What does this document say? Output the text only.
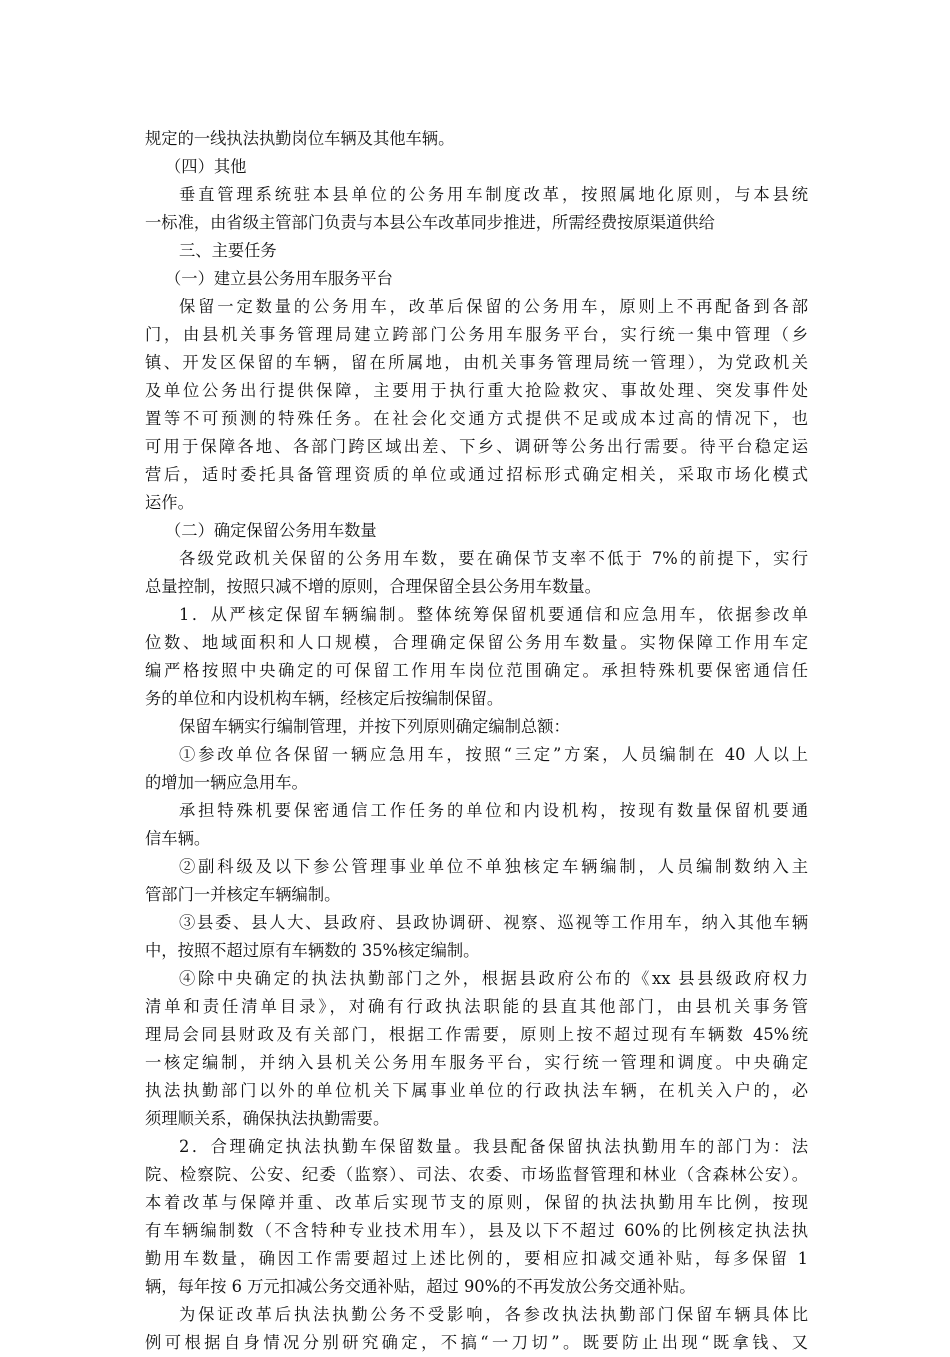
规定的一线执法执勤岗位车辆及其他车辆。
（四）其他
垂直管理系统驻本县单位的公务用车制度改革，按照属地化原则，与本县统
一标准，由省级主管部门负责与本县公车改革同步推进，所需经费按原渠道供给
三、主要任务
（一）建立县公务用车服务平台
保留一定数量的公务用车，改革后保留的公务用车，原则上不再配备到各部
门，由县机关事务管理局建立跨部门公务用车服务平台，实行统一集中管理（乡
镇、开发区保留的车辆，留在所属地，由机关事务管理局统一管理），为党政机关
及单位公务出行提供保障，主要用于执行重大抢险救灾、事故处理、突发事件处
置等不可预测的特殊任务。在社会化交通方式提供不足或成本过高的情况下，也
可用于保障各地、各部门跨区域出差、下乡、调研等公务出行需要。待平台稳定运
营后，适时委托具备管理资质的单位或通过招标形式确定相关，采取市场化模式
运作。
（二）确定保留公务用车数量
各级党政机关保留的公务用车数，要在确保节支率不低于 7%的前提下，实行
总量控制，按照只减不增的原则，合理保留全县公务用车数量。
1．从严核定保留车辆编制。整体统筹保留机要通信和应急用车，依据参改单
位数、地域面积和人口规模，合理确定保留公务用车数量。实物保障工作用车定
编严格按照中央确定的可保留工作用车岗位范围确定。承担特殊机要保密通信任
务的单位和内设机构车辆，经核定后按编制保留。
保留车辆实行编制管理，并按下列原则确定编制总额：
①参改单位各保留一辆应急用车，按照“三定”方案，人员编制在 40 人以上
的增加一辆应急用车。
承担特殊机要保密通信工作任务的单位和内设机构，按现有数量保留机要通
信车辆。
②副科级及以下参公管理事业单位不单独核定车辆编制，人员编制数纳入主
管部门一并核定车辆编制。
③县委、县人大、县政府、县政协调研、视察、巡视等工作用车，纳入其他车辆
中，按照不超过原有车辆数的 35%核定编制。
④除中央确定的执法执勤部门之外，根据县政府公布的《xx 县县级政府权力
清单和责任清单目录》，对确有行政执法职能的县直其他部门，由县机关事务管
理局会同县财政及有关部门，根据工作需要，原则上按不超过现有车辆数 45%统
一核定编制，并纳入县机关公务用车服务平台，实行统一管理和调度。中央确定
执法执勤部门以外的单位机关下属事业单位的行政执法车辆，在机关入户的，必
须理顺关系，确保执法执勤需要。
2．合理确定执法执勤车保留数量。我县配备保留执法执勤用车的部门为：法
院、检察院、公安、纪委（监察）、司法、农委、市场监督管理和林业（含森林公安）。
本着改革与保障并重、改革后实现节支的原则，保留的执法执勤用车比例，按现
有车辆编制数（不含特种专业技术用车），县及以下不超过 60%的比例核定执法执
勤用车数量，确因工作需要超过上述比例的，要相应扣减交通补贴，每多保留 1
辆，每年按 6 万元扣减公务交通补贴，超过 90%的不再发放公务交通补贴。
为保证改革后执法执勤公务不受影响，各参改执法执勤部门保留车辆具体比
例可根据自身情况分别研究确定，不搞“一刀切”。既要防止出现“既拿钱、又
